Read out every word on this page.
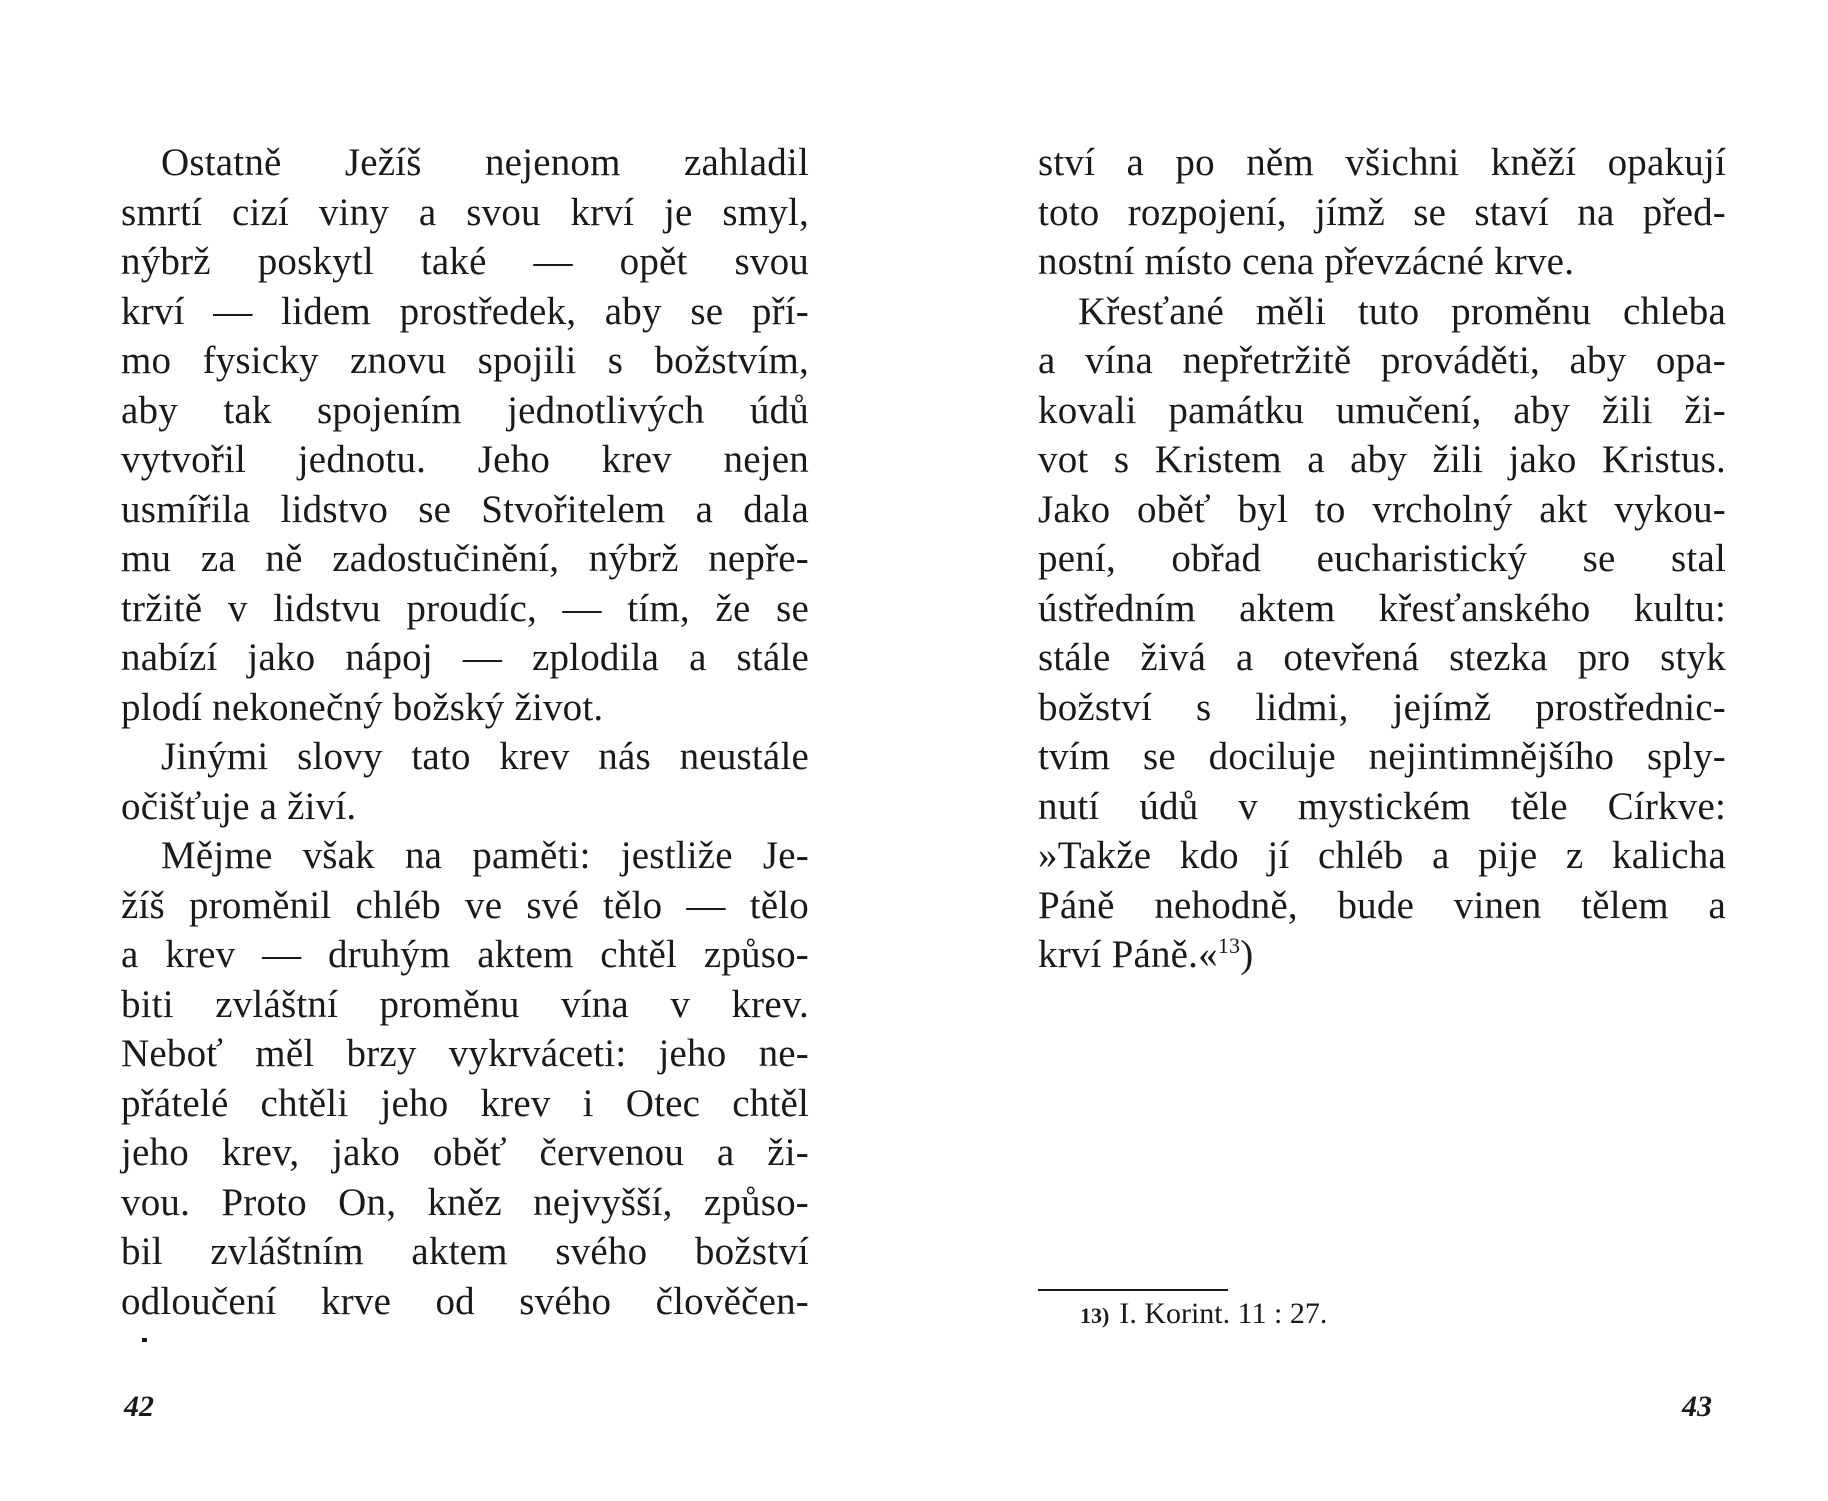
Ostatně Ježíš nejenom zahladil
smrtí cizí viny a svou krví je smyl,
nýbrž poskytl také — opět svou
krví — lidem prostředek, aby se pří-
mo fysicky znovu spojili s božstvím,
aby tak spojením jednotlivých údů
vytvořil jednotu. Jeho krev nejen
usmířila lidstvo se Stvořitelem a dala
mu za ně zadostučinění, nýbrž nepře-
tržitě v lidstvu proudíc, — tím, že se
nabízí jako nápoj — zplodila a stále
plodí nekonečný božský život.
Jinými slovy tato krev nás neustále
očišťuje a živí.
Mějme však na paměti: jestliže Je-
žíš proměnil chléb ve své tělo — tělo
a krev — druhým aktem chtěl způso-
biti zvláštní proměnu vína v krev.
Neboť měl brzy vykrváceti: jeho ne-
přátelé chtěli jeho krev i Otec chtěl
jeho krev, jako oběť červenou a ži-
vou. Proto On, kněz nejvyšší, způso-
bil zvláštním aktem svého božství
odloučení krve od svého člověčen-
42
ství a po něm všichni kněží opakují
toto rozpojení, jímž se staví na před-
nostní místo cena převzácné krve.
Křesťané měli tuto proměnu chleba
a vína nepřetržitě prováděti, aby opa-
kovali památku umučení, aby žili ži-
vot s Kristem a aby žili jako Kristus.
Jako oběť byl to vrcholný akt vykou-
pení, obřad eucharistický se stal
ústředním aktem křesťanského kultu:
stále živá a otevřená stezka pro styk
božství s lidmi, jejímž prostřednic-
tvím se dociluje nejintimnějšího sply-
nutí údů v mystickém těle Církve:
»Takže kdo jí chléb a pije z kalicha
Páně nehodně, bude vinen tělem a
krví Páně.«$^{13}$)
13) I. Korint. 11 : 27.
43
